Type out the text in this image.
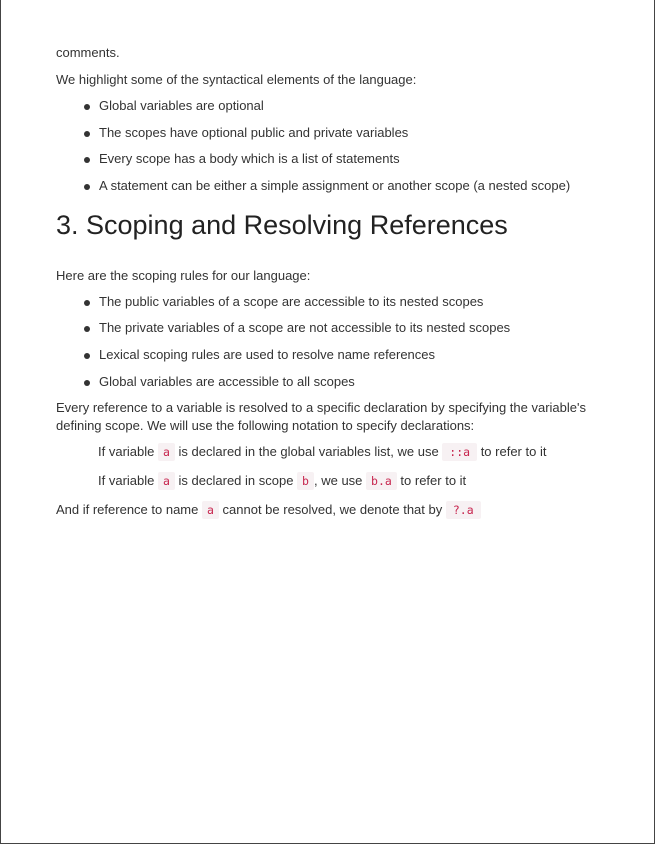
comments.

We highlight some of the syntactical elements of the language:

Global variables are optional
The scopes have optional public and private variables
Every scope has a body which is a list of statements
A statement can be either a simple assignment or another scope (a nested scope)
3. Scoping and Resolving References

Here are the scoping rules for our language:

The public variables of a scope are accessible to its nested scopes
The private variables of a scope are not accessible to its nested scopes
Lexical scoping rules are used to resolve name references
Global variables are accessible to all scopes

Every reference to a variable is resolved to a specific declaration by specifying the variable's defining scope. We will use the following notation to specify declarations:

If variable a is declared in the global variables list, we use ::a to refer to it

If variable a is declared in scope b , we use b.a to refer to it

And if reference to name a cannot be resolved, we denote that by ?.a
